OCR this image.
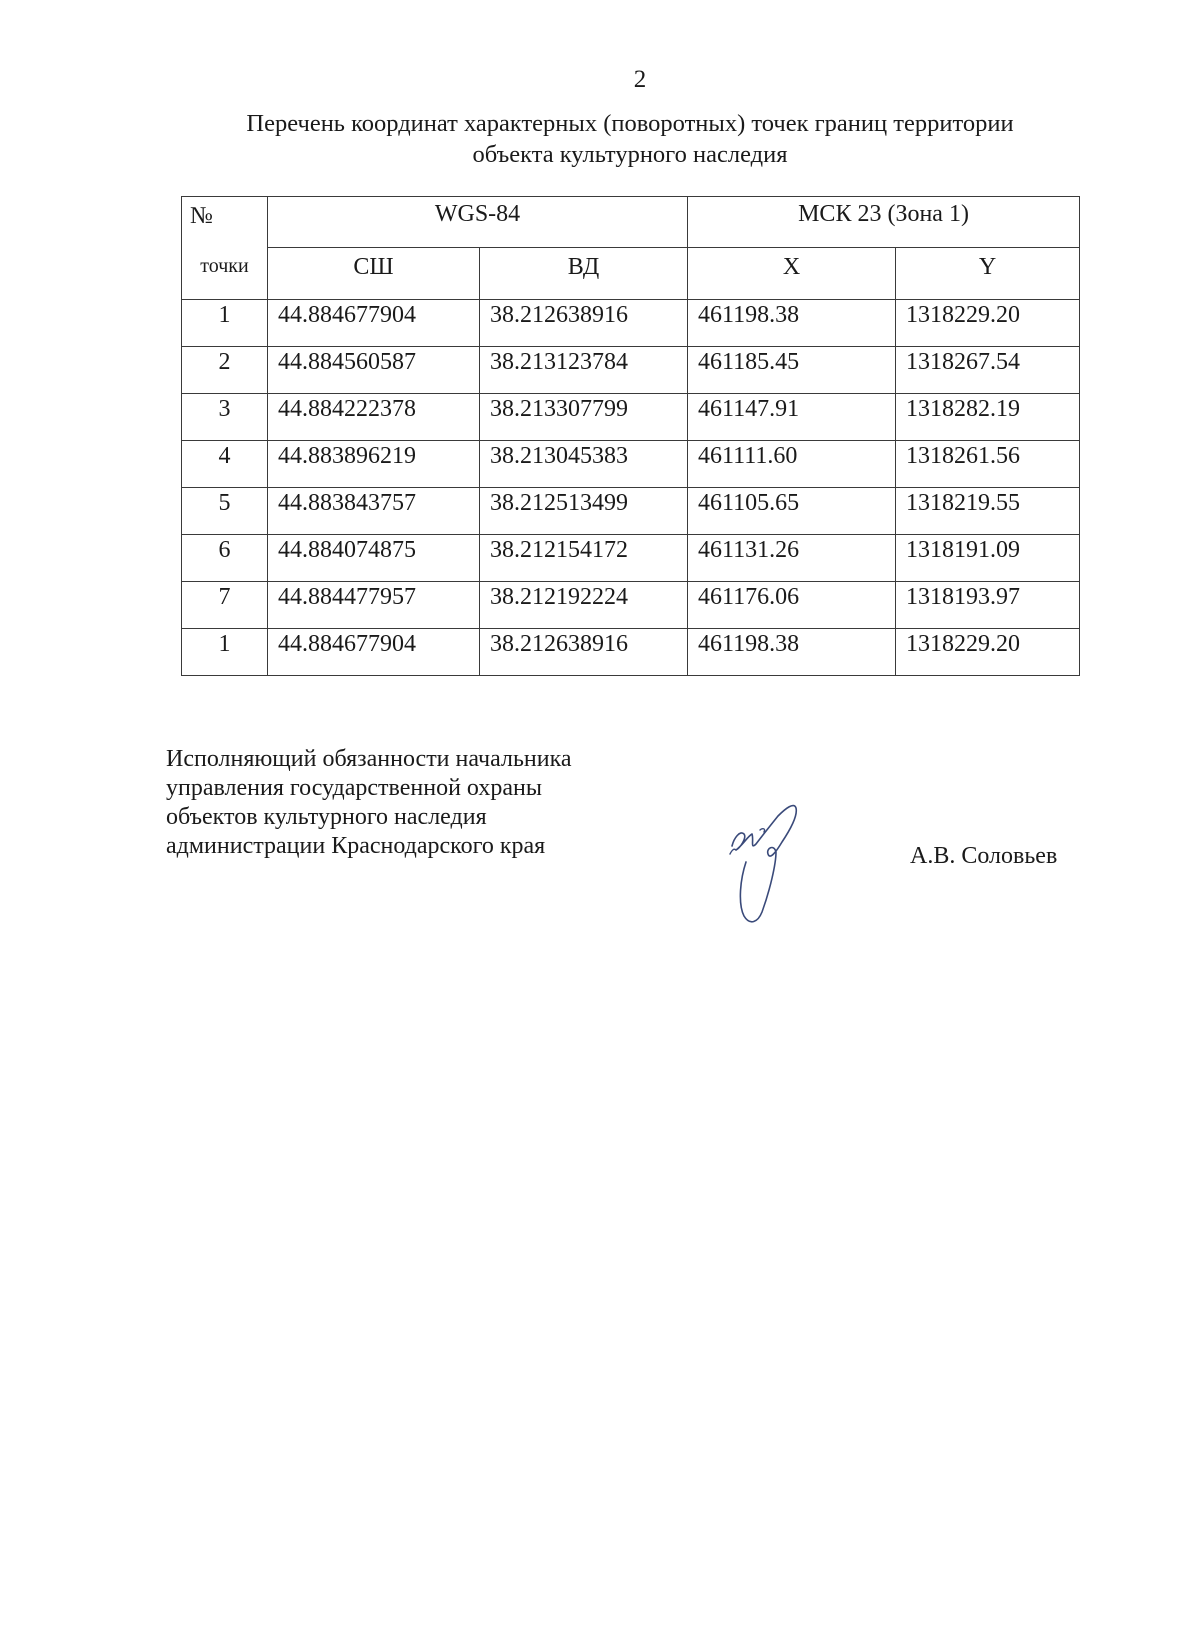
2
Перечень координат характерных (поворотных) точек границ территории
объекта культурного наследия
№	WGS-84		МСК 23 (Зона 1)	
точки	СШ	ВД	X	Y
1	44.884677904	38.212638916	461198.38	1318229.20
2	44.884560587	38.213123784	461185.45	1318267.54
3	44.884222378	38.213307799	461147.91	1318282.19
4	44.883896219	38.213045383	461111.60	1318261.56
5	44.883843757	38.212513499	461105.65	1318219.55
6	44.884074875	38.212154172	461131.26	1318191.09
7	44.884477957	38.212192224	461176.06	1318193.97
1	44.884677904	38.212638916	461198.38	1318229.20
Исполняющий обязанности начальника
управления государственной охраны
объектов культурного наследия
администрации Краснодарского края	А.В. Соловьев
